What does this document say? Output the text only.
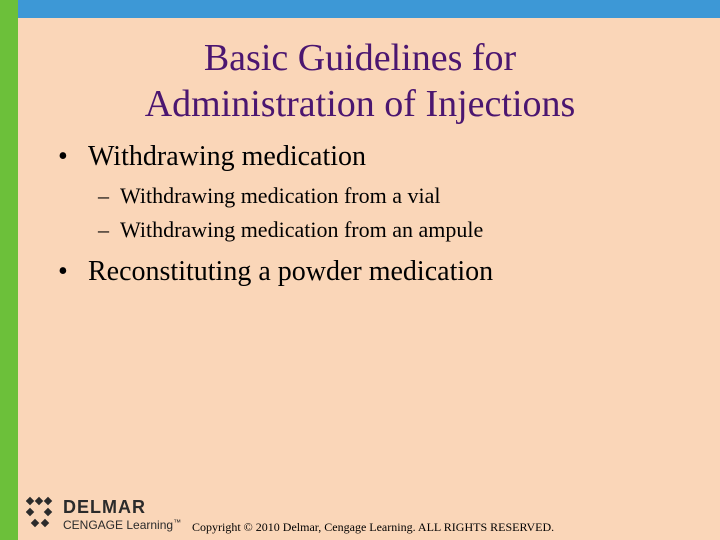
Basic Guidelines for
Administration of Injections
• Withdrawing medication
– Withdrawing medication from a vial
– Withdrawing medication from an ampule
• Reconstituting a powder medication
DELMAR
CENGAGE Learning™ Copyright © 2010 Delmar, Cengage Learning. ALL RIGHTS RESERVED.
